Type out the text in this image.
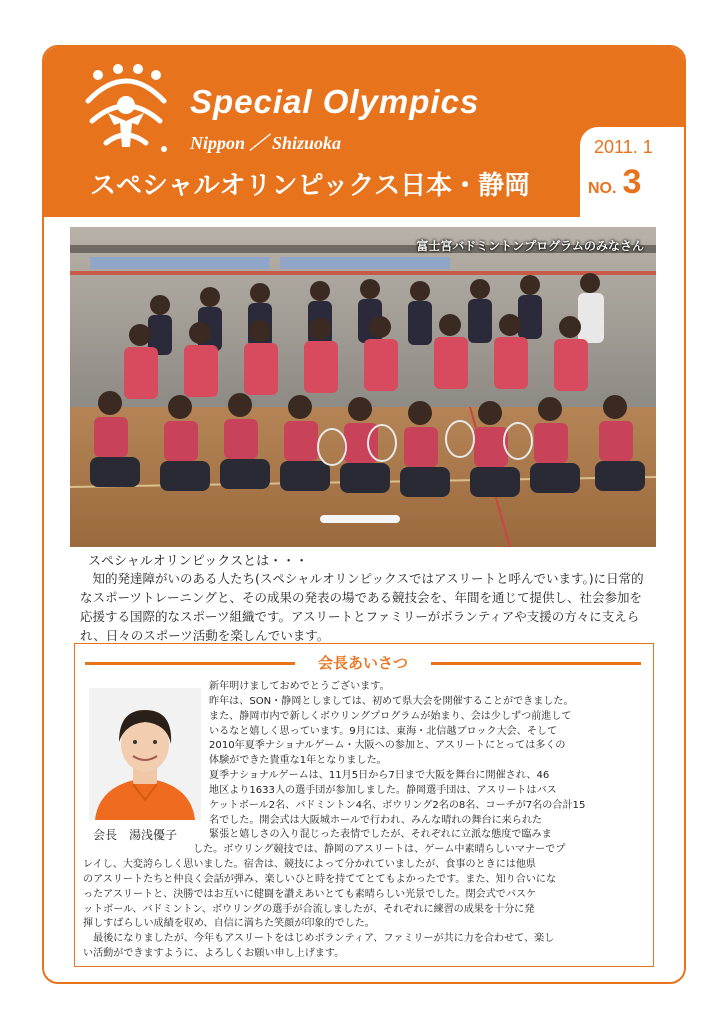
Special Olympics
Nippon ／ Shizuoka
スペシャルオリンピックス日本・静岡
2011. 1
NO. 3
富士宮バドミントンプログラムのみなさん
スペシャルオリンピックスとは・・・
知的発達障がいのある人たち(スペシャルオリンピックスではアスリートと呼んでいます。)に日常的なスポーツトレーニングと、その成果の発表の場である競技会を、年間を通じて提供し、社会参加を応援する国際的なスポーツ組織です。アスリートとファミリーがボランティアや支援の方々に支えられ、日々のスポーツ活動を楽しんでいます。
会長あいさつ
会長　湯浅優子
新年明けましておめでとうございます。
昨年は、SON・静岡としましては、初めて県大会を開催することができました。
また、静岡市内で新しくボウリングプログラムが始まり、会は少しずつ前進して
いるなと嬉しく思っています。9月には、東海・北信越ブロック大会、そして
2010年夏季ナショナルゲーム・大阪への参加と、アスリートにとっては多くの
体験ができた貴重な1年となりました。
夏季ナショナルゲームは、11月5日から7日まで大阪を舞台に開催され、46
地区より1633人の選手団が参加しました。静岡選手団は、アスリートはバス
ケットボール2名、バドミントン4名、ボウリング2名の8名、コーチが7名の合計15
名でした。開会式は大阪城ホールで行われ、みんな晴れの舞台に来られた
緊張と嬉しさの入り混じった表情でしたが、それぞれに立派な態度で臨みま
した。ボウリング競技では、静岡のアスリートは、ゲーム中素晴らしいマナーでプ
レイし、大変誇らしく思いました。宿舎は、競技によって分かれていましたが、食事のときには他県
のアスリートたちと仲良く会話が弾み、楽しいひと時を持ててとてもよかったです。また、知り合いにな
ったアスリートと、決勝ではお互いに健闘を讃えあいとても素晴らしい光景でした。閉会式でバスケ
ットボール、バドミントン、ボウリングの選手が合流しましたが、それぞれに練習の成果を十分に発
揮しすばらしい成績を収め、自信に満ちた笑顔が印象的でした。
　最後になりましたが、今年もアスリートをはじめボランティア、ファミリーが共に力を合わせて、楽し
い活動ができますように、よろしくお願い申し上げます。
